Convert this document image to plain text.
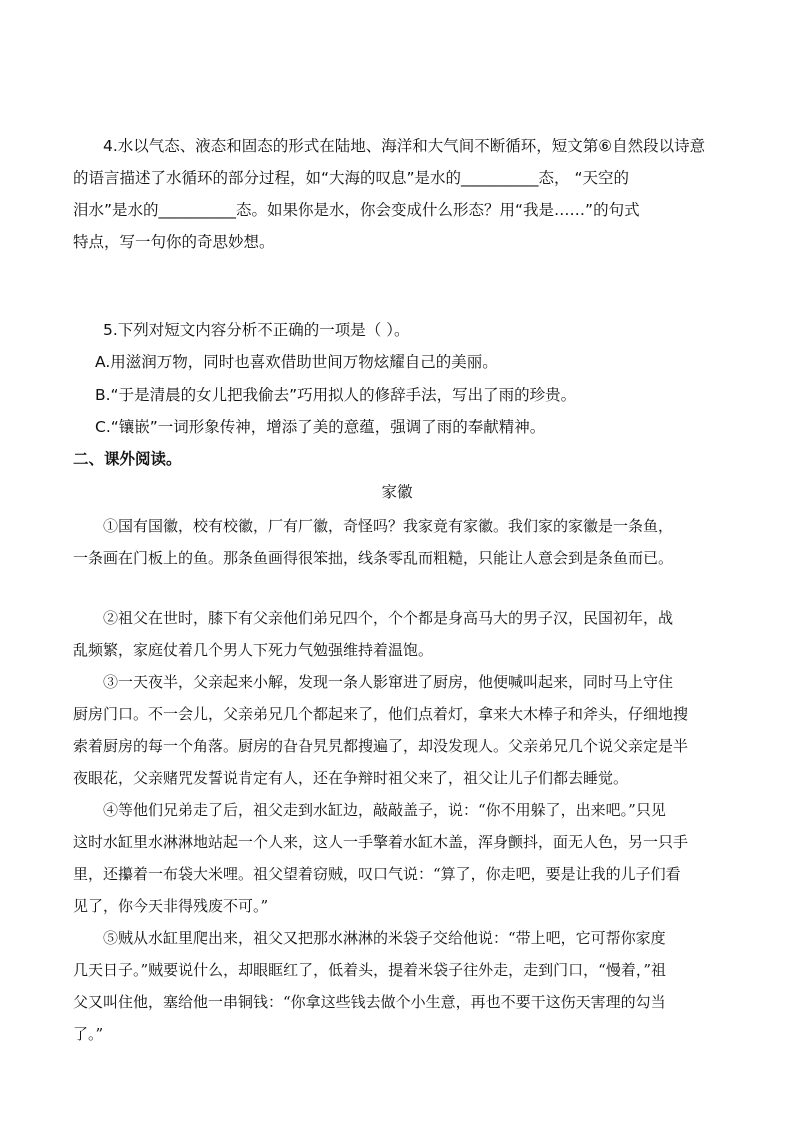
4.水以气态、液态和固态的形式在陆地、海洋和大气间不断循环，短文第⑥自然段以诗意
的语言描述了水循环的部分过程，如“大海的叹息”是水的__________态， “天空的
泪水”是水的__________态。如果你是水，你会变成什么形态？用“我是……”的句式
特点，写一句你的奇思妙想。
5.下列对短文内容分析不正确的一项是（ ）。
A.用滋润万物，同时也喜欢借助世间万物炫耀自己的美丽。
B.“于是清晨的女儿把我偷去”巧用拟人的修辞手法，写出了雨的珍贵。
C.“镶嵌”一词形象传神，增添了美的意蕴，强调了雨的奉献精神。
二、课外阅读。
家徽
①国有国徽，校有校徽，厂有厂徽，奇怪吗？我家竟有家徽。我们家的家徽是一条鱼，
一条画在门板上的鱼。那条鱼画得很笨拙，线条零乱而粗糙，只能让人意会到是条鱼而已。
②祖父在世时，膝下有父亲他们弟兄四个，个个都是身高马大的男子汉，民国初年，战
乱频繁，家庭仗着几个男人下死力气勉强维持着温饱。
③一天夜半，父亲起来小解，发现一条人影窜进了厨房，他便喊叫起来，同时马上守住
厨房门口。不一会儿，父亲弟兄几个都起来了，他们点着灯，拿来大木棒子和斧头，仔细地搜
索着厨房的每一个角落。厨房的旮旮旯旯都搜遍了，却没发现人。父亲弟兄几个说父亲定是半
夜眼花，父亲赌咒发誓说肯定有人，还在争辩时祖父来了，祖父让儿子们都去睡觉。
④等他们兄弟走了后，祖父走到水缸边，敲敲盖子，说：“你不用躲了，出来吧。”只见
这时水缸里水淋淋地站起一个人来，这人一手擎着水缸木盖，浑身颤抖，面无人色，另一只手
里，还攥着一布袋大米哩。祖父望着窃贼，叹口气说：“算了，你走吧，要是让我的儿子们看
见了，你今天非得残废不可。”
⑤贼从水缸里爬出来，祖父又把那水淋淋的米袋子交给他说：“带上吧，它可帮你家度
几天日子。”贼要说什么，却眼眶红了，低着头，提着米袋子往外走，走到门口，“慢着，”祖
父又叫住他，塞给他一串铜钱：“你拿这些钱去做个小生意，再也不要干这伤天害理的勾当
了。”
